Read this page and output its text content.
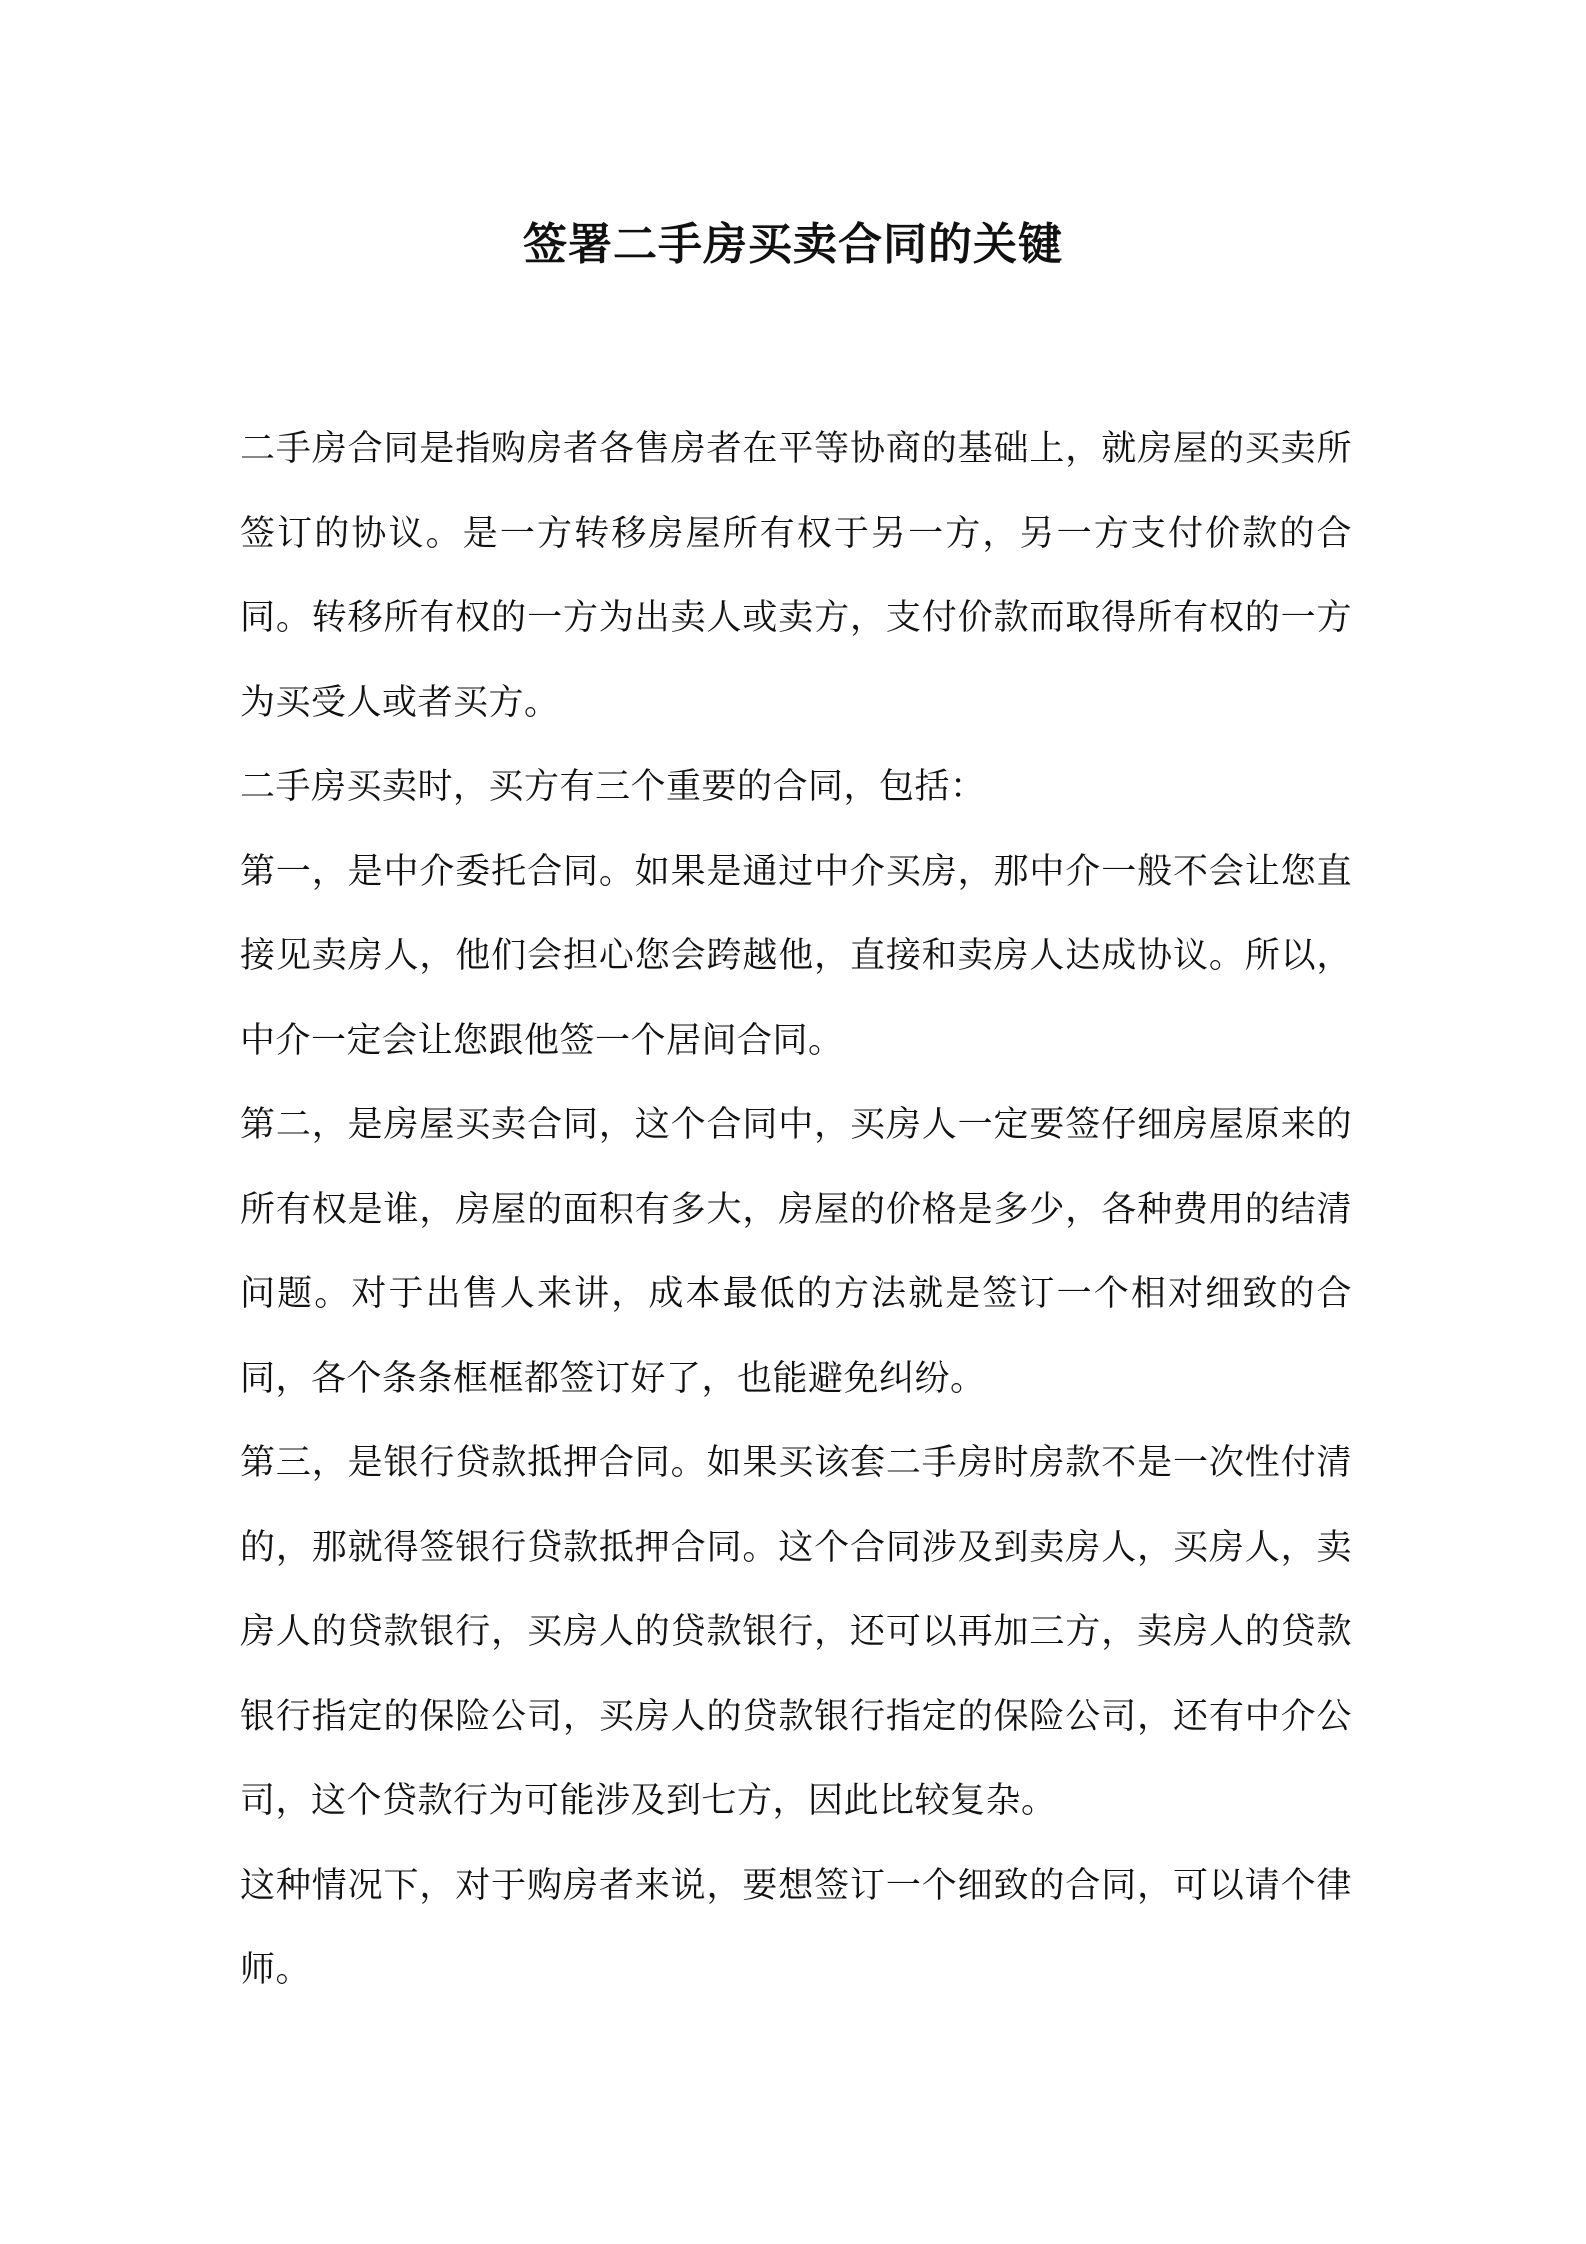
签署二手房买卖合同的关键

二手房合同是指购房者各售房者在平等协商的基础上，就房屋的买卖所签订的协议。是一方转移房屋所有权于另一方，另一方支付价款的合同。转移所有权的一方为出卖人或卖方，支付价款而取得所有权的一方为买受人或者买方。

二手房买卖时，买方有三个重要的合同，包括：

第一，是中介委托合同。如果是通过中介买房，那中介一般不会让您直接见卖房人，他们会担心您会跨越他，直接和卖房人达成协议。所以，中介一定会让您跟他签一个居间合同。

第二，是房屋买卖合同，这个合同中，买房人一定要签仔细房屋原来的所有权是谁，房屋的面积有多大，房屋的价格是多少，各种费用的结清问题。对于出售人来讲，成本最低的方法就是签订一个相对细致的合同，各个条条框框都签订好了，也能避免纠纷。

第三，是银行贷款抵押合同。如果买该套二手房时房款不是一次性付清的，那就得签银行贷款抵押合同。这个合同涉及到卖房人，买房人，卖房人的贷款银行，买房人的贷款银行，还可以再加三方，卖房人的贷款银行指定的保险公司，买房人的贷款银行指定的保险公司，还有中介公司，这个贷款行为可能涉及到七方，因此比较复杂。

这种情况下，对于购房者来说，要想签订一个细致的合同，可以请个律师。
